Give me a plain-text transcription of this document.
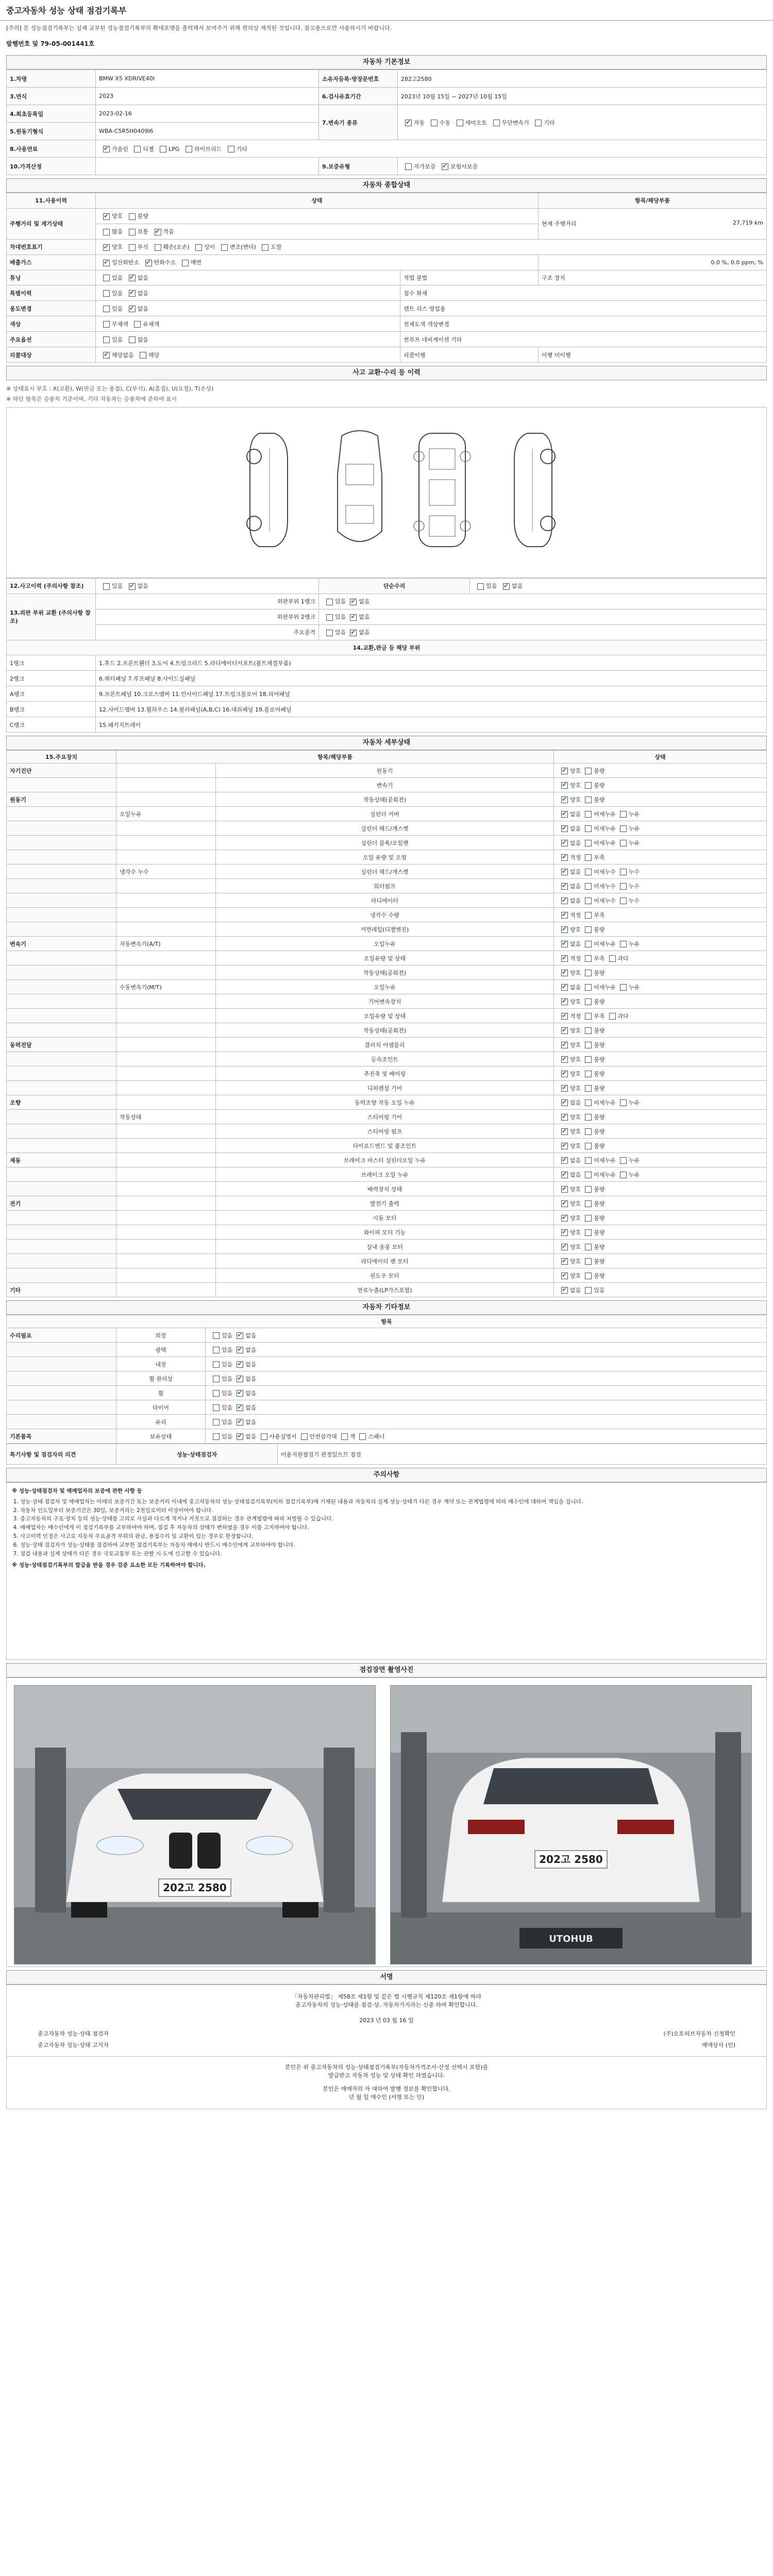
중고자동차 성능 상태 점검기록부
[주의] 본 성능점검기록부는 실제 교부된 성능점검기록부의 확대포맷을 출력해서 보여주기 위해 편의상 재작된 것입니다. 참고용으로만 사용하시기 바랍니다.
발행번호 및 79-05-001441호
자동차 기본정보
1.차명	BMW X5 XDRIVE40I	소유자등록·방장문번호	282고2580
3.연식	2023	6.검사유효기간	2023년 10월 15일 ~ 2027년 10월 15일
4.최초등록일	2023-02-16	7.변속기 종류	✔자동 수동 세미오토 무단변속기 기타
5.원동기형식	WBA-C5R5H0409I6		
8.사용연료	✔가솔린 디젤 LPG 하이브리드 기타
10.가격산정		9.보증유형	자가보증 ✔ 보험사보증
자동차 종합상태
11.사용이력	상태		항목/해당부품
주행거리 및 계기상태	✔양호 불량		현재 주행거리 27,719 km

	많음 보통 ✔ 적음
차대번호표기	✔양호 부식 훼손(오손) 상이 변조(변타) 도말
배출가스	✔일산화탄소 ✔ 탄화수소 매연		0.0 %, 0.0 ppm, %
튜닝	있음 ✔ 없음	적법 불법	구조 장치
특별이력	있음 ✔ 없음	침수 화재	
용도변경	있음 ✔ 없음	렌트 리스 영업용	
색상	무채색 유채색	전체도색 색상변경	
주요옵션	있음 없음	썬루프 네비게이션 기타	
리콜대상	✔해당없음 해당	리콜이행	이행 미이행
사고 교환·수리 등 이력
※ 상태표시 부호 : X(교환), W(판금 또는 용접), C(부식), A(흠집), U(요철), T(손상)
※ 하단 항목은 승용차 기준이며, 기타 자동차는 승용차에 준하여 표시
12.사고이력 (주의사항 참조)	있음 ✔ 없음	단순수리	있음 ✔ 없음
13.외판 부위 교환 (주의사항 참조)	외판부위 1랭크	있음 ✔ 없음
	외판부위 2랭크	있음 ✔ 없음
	주요골격	있음 ✔ 없음
14.교환,판금 등 해당 부위			
1랭크	1.후드 2.프론트휀더 3.도어 4.트렁크리드 5.라디에이터서포트(볼트체결부품)		
2랭크	6.쿼터패널 7.루프패널 8.사이드실패널		
A랭크	9.프론트패널 10.크로스멤버 11.인사이드패널 17.트렁크플로어 18.리어패널		
B랭크	12.사이드멤버 13.휠하우스 14.필러패널(A,B,C) 16.대쉬패널 19.플로어패널		
C랭크	15.패키지트레이		
자동차 세부상태
15.주요장치	항목/해당부품		상태
자기진단		원동기	✔양호 불량
		변속기	✔양호 불량
원동기		작동상태(공회전)	✔양호 불량
	오일누유	실린더 커버	✔없음 미세누유 누유
		실린더 헤드/개스켓	✔없음 미세누유 누유
		실린더 블록/오일팬	✔없음 미세누유 누유
		오일 유량 및 오염	✔적정 부족
	냉각수 누수	실린더 헤드/개스켓	✔없음 미세누수 누수
		워터펌프	✔없음 미세누수 누수
		라디에이터	✔없음 미세누수 누수
		냉각수 수량	✔적정 부족
		커먼레일(디젤엔진)	✔양호 불량
변속기	자동변속기(A/T)	오일누유	✔없음 미세누유 누유
		오일유량 및 상태	✔적정 부족 과다
		작동상태(공회전)	✔양호 불량
	수동변속기(M/T)	오일누유	✔없음 미세누유 누유
		기어변속장치	✔양호 불량
		오일유량 및 상태	✔적정 부족 과다
		작동상태(공회전)	✔양호 불량
동력전달		클러치 어셈블리	✔양호 불량
		등속조인트	✔양호 불량
		추진축 및 베어링	✔양호 불량
		디퍼렌셜 기어	✔양호 불량
조향		동력조향 작동 오일 누유	✔없음 미세누유 누유
	작동상태	스티어링 기어	✔양호 불량
		스티어링 펌프	✔양호 불량
		타이로드엔드 및 볼조인트	✔양호 불량
제동		브레이크 마스터 실린더오일 누유	✔없음 미세누유 누유
		브레이크 오일 누유	✔없음 미세누유 누유
		배력장치 상태	✔양호 불량
전기		발전기 출력	✔양호 불량
		시동 모터	✔양호 불량
		와이퍼 모터 기능	✔양호 불량
		실내 송풍 모터	✔양호 불량
		라디에이터 팬 모터	✔양호 불량
		윈도우 모터	✔양호 불량
기타		연료누출(LP가스포함)	✔없음 있음
자동차 기타정보
항목		
수리필요	외장	있음 ✔ 없음
	광택	있음 ✔ 없음
	내장	있음 ✔ 없음
	휠 관리상	있음 ✔ 없음
	휠	있음 ✔ 없음
	타이어	있음 ✔ 없음
	유리	있음 ✔ 없음
기본품목	보유상태	있음 ✔ 없음 사용설명서 안전삼각대 잭 스패너
특기사항 및 점검자의 의견	성능·상태점검자	이용지원점검기 판정있으므 점검
주의사항
※ 성능·상태점검자 및 매매업자의 보증에 관한 사항 등
1. 성능·상태 점검자 및 매매업자는 아래의 보증기간 또는 보증거리 이내에 중고자동차의 성능·상태점검기록부(이하 점검기록부)에 기재된 내용과 자동차의 실제 성능·상태가 다른 경우 계약 또는 관계법령에 따라 매수인에 대하여 책임을 집니다.
2. 자동차 인도일부터 보증기간은 30일, 보증거리는 2천킬로미터 이상이어야 합니다.
3. 중고자동차의 구조·장치 등의 성능·상태를 고의로 사실과 다르게 적거나 거짓으로 점검하는 경우 관계법령에 따라 처벌될 수 있습니다.
4. 매매업자는 매수인에게 이 점검기록부를 교부하여야 하며, 점검 후 자동차의 상태가 변하였을 경우 이를 고지하여야 합니다.
5. 사고이력 인정은 사고로 자동차 주요골격 부위의 판금, 용접수리 및 교환이 있는 경우로 한정합니다.
6. 성능·상태 점검자가 성능·상태를 점검하여 교부한 점검기록부는 자동차 매매시 반드시 매수인에게 교부하여야 합니다.
7. 점검 내용과 실제 상태가 다른 경우 국토교통부 또는 관할 시·도에 신고할 수 있습니다.
※ 성능·상태점검기록부의 발급을 받을 경우 검증 요소한 모든 기록하여야 합니다.
점검장면 촬영사진
202고 2580
202고 2580
UTOHUB
서명
「자동차관리법」 제58조 제1항 및 같은 법 시행규칙 제120조 제1항에 따라
중고자동차의 성능·상태를 점검·상, 자동차가지라는 신중 하며 확인합니다.
2023 년 03 월 16 일
중고자동차 성능·상태 점검자	(주)오토허브자동차 신청확인
중고자동차 성능·상태 고지자	매매상사 (인)
본인은 위 중고자동차의 성능·상태점검기록부(자동차가격조사·산정 선택시 포함)를
발급받고 자동차 성능 및 상태 확인 하였습니다.
본인은 매매자의 자 대하여 발행 정보를 확인합니다.
년 월 일 매수인 (서명 또는 인)
